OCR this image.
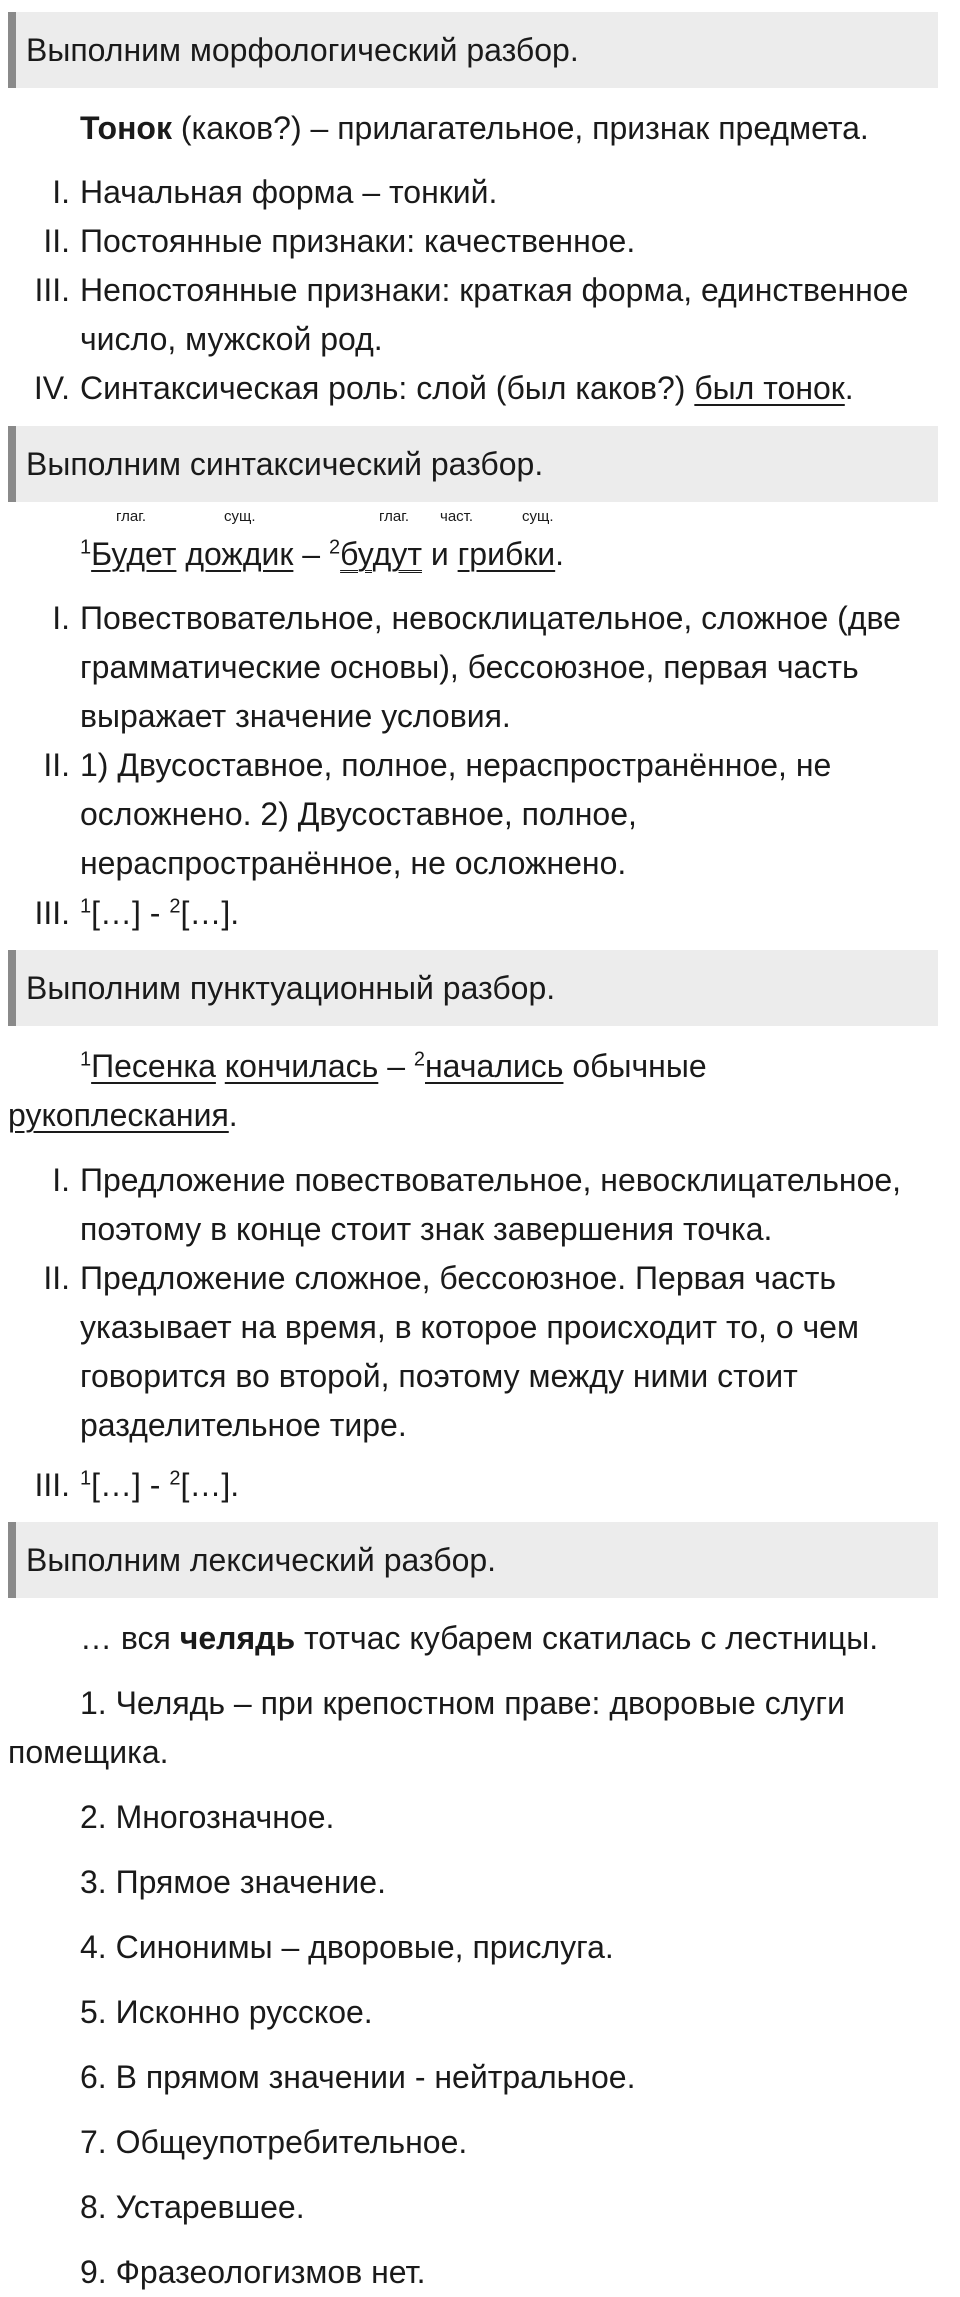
Выполним морфологический разбор.
Тонок (каков?) – прилагательное, признак предмета.
I. Начальная форма – тонкий.
II. Постоянные признаки: качественное.
III. Непостоянные признаки: краткая форма, единственное
число, мужской род.
IV. Синтаксическая роль: слой (был каков?) был тонок.
Выполним синтаксический разбор.
глаг.	сущ.	глаг. част.	сущ.
$^1$Будет дождик – $^2$будут и грибки.
I. Повествовательное, невосклицательное, сложное (две
грамматические основы), бессоюзное, первая часть
выражает значение условия.
II. 1) Двусоставное, полное, нераспространённое, не
осложнено. 2) Двусоставное, полное,
нераспространённое, не осложнено.
III. $^1$[…] - $^2$[…].
Выполним пунктуационный разбор.
$^1$Песенка кончилась – $^2$начались обычные
рукоплескания.
I. Предложение повествовательное, невосклицательное,
поэтому в конце стоит знак завершения точка.
II. Предложение сложное, бессоюзное. Первая часть
указывает на время, в которое происходит то, о чем
говорится во второй, поэтому между ними стоит
разделительное тире.
III. $^1$[…] - $^2$[…].
Выполним лексический разбор.
… вся челядь тотчас кубарем скатилась с лестницы.
1. Челядь – при крепостном праве: дворовые слуги
помещика.
2. Многозначное.
3. Прямое значение.
4. Синонимы – дворовые, прислуга.
5. Исконно русское.
6. В прямом значении - нейтральное.
7. Общеупотребительное.
8. Устаревшее.
9. Фразеологизмов нет.
